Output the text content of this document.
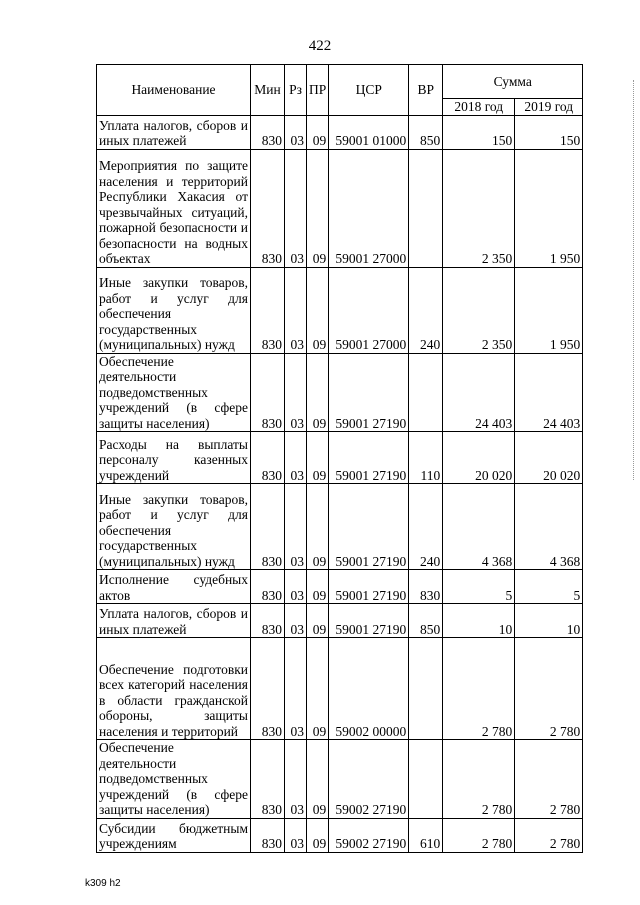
422
Наименование	Мин	Рз	ПР	ЦСР	ВР	Сумма	
						2018 год	2019 год
Уплата налогов, сборов и иных платежей	830	03	09	59001 01000	850	150	150
Мероприятия по защите населения и территорий Республики Хакасия от чрезвычайных ситуаций, пожарной безопасности и безопасности на водных объектах	830	03	09	59001 27000		2 350	1 950
Иные закупки товаров, работ и услуг для обеспечения государственных (муниципальных) нужд	830	03	09	59001 27000	240	2 350	1 950
Обеспечение деятельности подведомственных учреждений (в сфере защиты населения)	830	03	09	59001 27190		24 403	24 403
Расходы на выплаты персоналу казенных учреждений	830	03	09	59001 27190	110	20 020	20 020
Иные закупки товаров, работ и услуг для обеспечения государственных (муниципальных) нужд	830	03	09	59001 27190	240	4 368	4 368
Исполнение судебных актов	830	03	09	59001 27190	830	5	5
Уплата налогов, сборов и иных платежей	830	03	09	59001 27190	850	10	10
Обеспечение подготовки всех категорий населения в области гражданской обороны, защиты населения и территорий	830	03	09	59002 00000		2 780	2 780
Обеспечение деятельности подведомственных учреждений (в сфере защиты населения)	830	03	09	59002 27190		2 780	2 780
Субсидии бюджетным учреждениям	830	03	09	59002 27190	610	2 780	2 780
k309 h2
